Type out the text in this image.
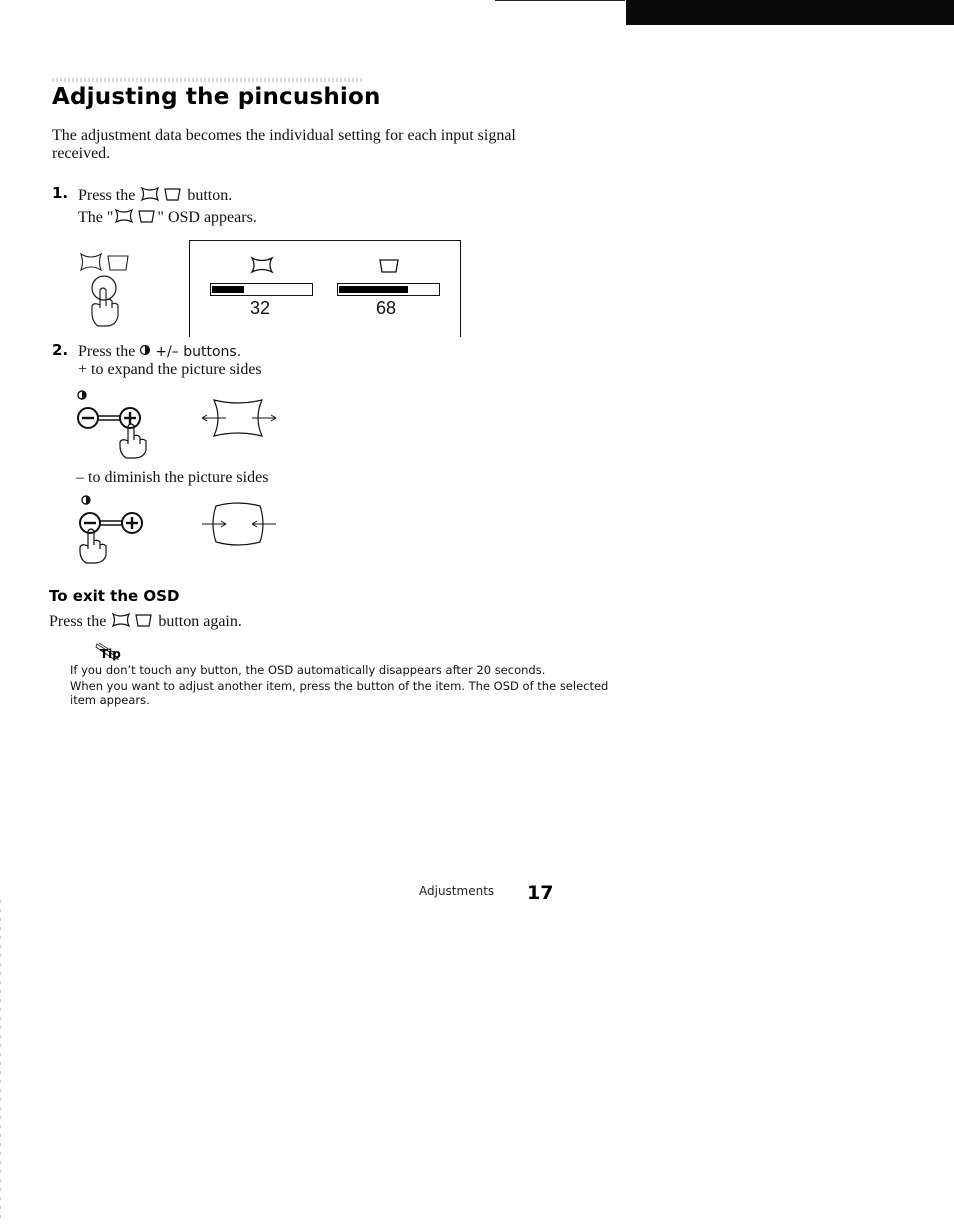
Adjusting the pincushion
The adjustment data becomes the individual setting for each input signal received.
1. Press the	button.
The "	" OSD appears.
32	68
2. Press the +/– buttons.
+ to expand the picture sides
– to diminish the picture sides
To exit the OSD
Press the	button again.
Tip
If you don’t touch any button, the OSD automatically disappears after 20 seconds.
When you want to adjust another item, press the button of the item. The OSD of the selected
item appears.
Adjustments 17
